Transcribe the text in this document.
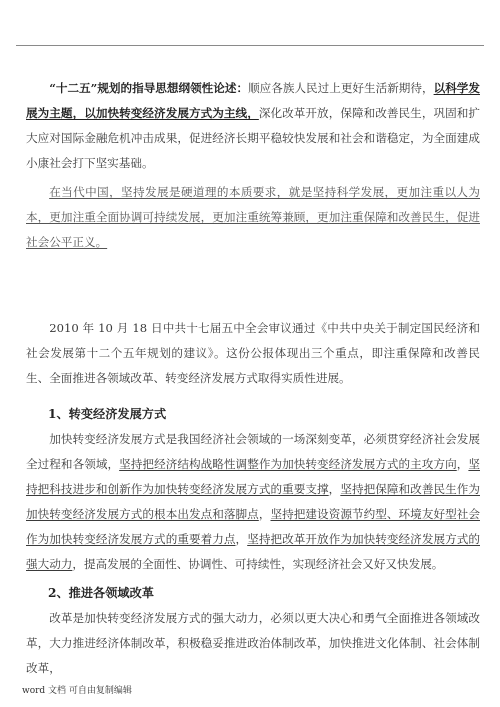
“十二五”规划的指导思想纲领性论述：顺应各族人民过上更好生活新期待，以科学发展为主题，以加快转变经济发展方式为主线，深化改革开放，保障和改善民生，巩固和扩大应对国际金融危机冲击成果，促进经济长期平稳较快发展和社会和谐稳定，为全面建成小康社会打下坚实基础。

在当代中国，坚持发展是硬道理的本质要求，就是坚持科学发展，更加注重以人为本，更加注重全面协调可持续发展，更加注重统筹兼顾，更加注重保障和改善民生，促进社会公平正义。

2010 年 10 月 18 日中共十七届五中全会审议通过《中共中央关于制定国民经济和社会发展第十二个五年规划的建议》。这份公报体现出三个重点，即注重保障和改善民生、全面推进各领域改革、转变经济发展方式取得实质性进展。

1、转变经济发展方式

加快转变经济发展方式是我国经济社会领域的一场深刻变革，必须贯穿经济社会发展全过程和各领域，坚持把经济结构战略性调整作为加快转变经济发展方式的主攻方向，坚持把科技进步和创新作为加快转变经济发展方式的重要支撑，坚持把保障和改善民生作为加快转变经济发展方式的根本出发点和落脚点，坚持把建设资源节约型、环境友好型社会作为加快转变经济发展方式的重要着力点，坚持把改革开放作为加快转变经济发展方式的强大动力，提高发展的全面性、协调性、可持续性，实现经济社会又好又快发展。

2、推进各领域改革

改革是加快转变经济发展方式的强大动力，必须以更大决心和勇气全面推进各领域改革，大力推进经济体制改革，积极稳妥推进政治体制改革，加快推进文化体制、社会体制改革，

word 文档 可自由复制编辑
